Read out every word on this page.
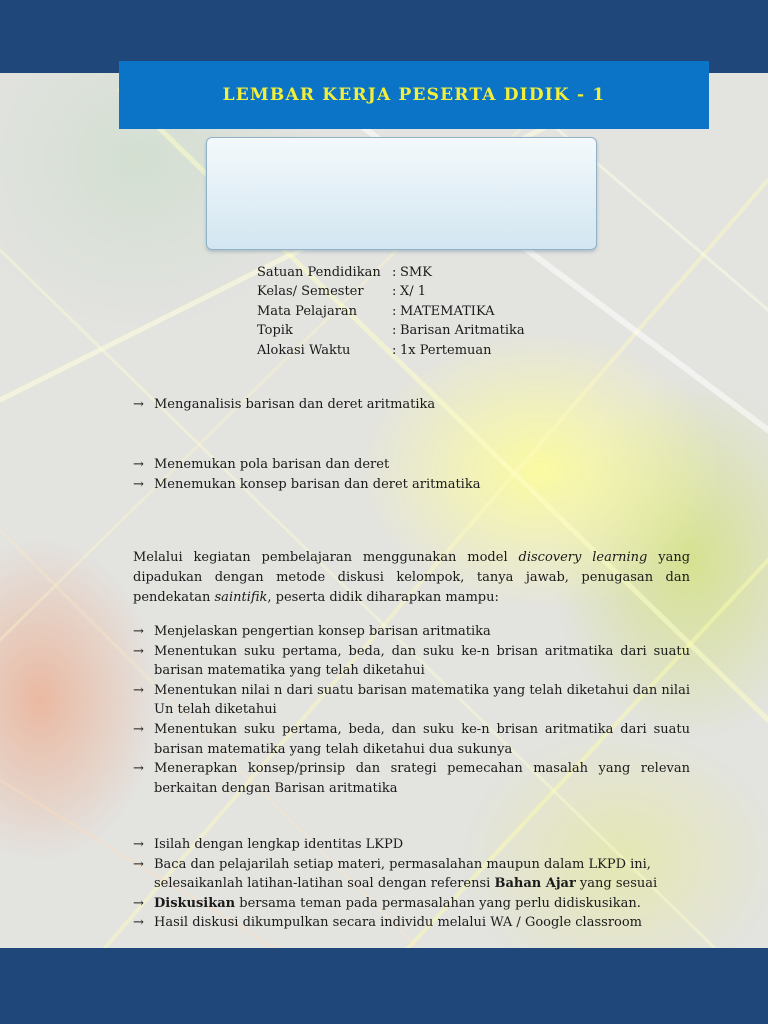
LEMBAR KERJA PESERTA DIDIK - 1
Satuan Pendidikan : SMK
Kelas/ Semester	: X/ 1
Mata Pelajaran	: MATEMATIKA
Topik	: Barisan Aritmatika
Alokasi Waktu	: 1x Pertemuan
→ Menganalisis barisan dan deret aritmatika
→ Menemukan pola barisan dan deret
→ Menemukan konsep barisan dan deret aritmatika
Melalui kegiatan pembelajaran menggunakan model discovery learning yang dipadukan dengan metode diskusi kelompok, tanya jawab, penugasan dan pendekatan saintifik, peserta didik diharapkan mampu:
→ Menjelaskan pengertian konsep barisan aritmatika
→ Menentukan suku pertama, beda, dan suku ke-n brisan aritmatika dari suatu barisan matematika yang telah diketahui
→ Menentukan nilai n dari suatu barisan matematika yang telah diketahui dan nilai Un telah diketahui
→ Menentukan suku pertama, beda, dan suku ke-n brisan aritmatika dari suatu barisan matematika yang telah diketahui dua sukunya
→ Menerapkan konsep/prinsip dan srategi pemecahan masalah yang relevan berkaitan dengan Barisan aritmatika
→ Isilah dengan lengkap identitas LKPD
→ Baca dan pelajarilah setiap materi, permasalahan maupun dalam LKPD ini,
selesaikanlah latihan-latihan soal dengan referensi Bahan Ajar yang sesuai
→ Diskusikan bersama teman pada permasalahan yang perlu didiskusikan.
→ Hasil diskusi dikumpulkan secara individu melalui WA / Google classroom
